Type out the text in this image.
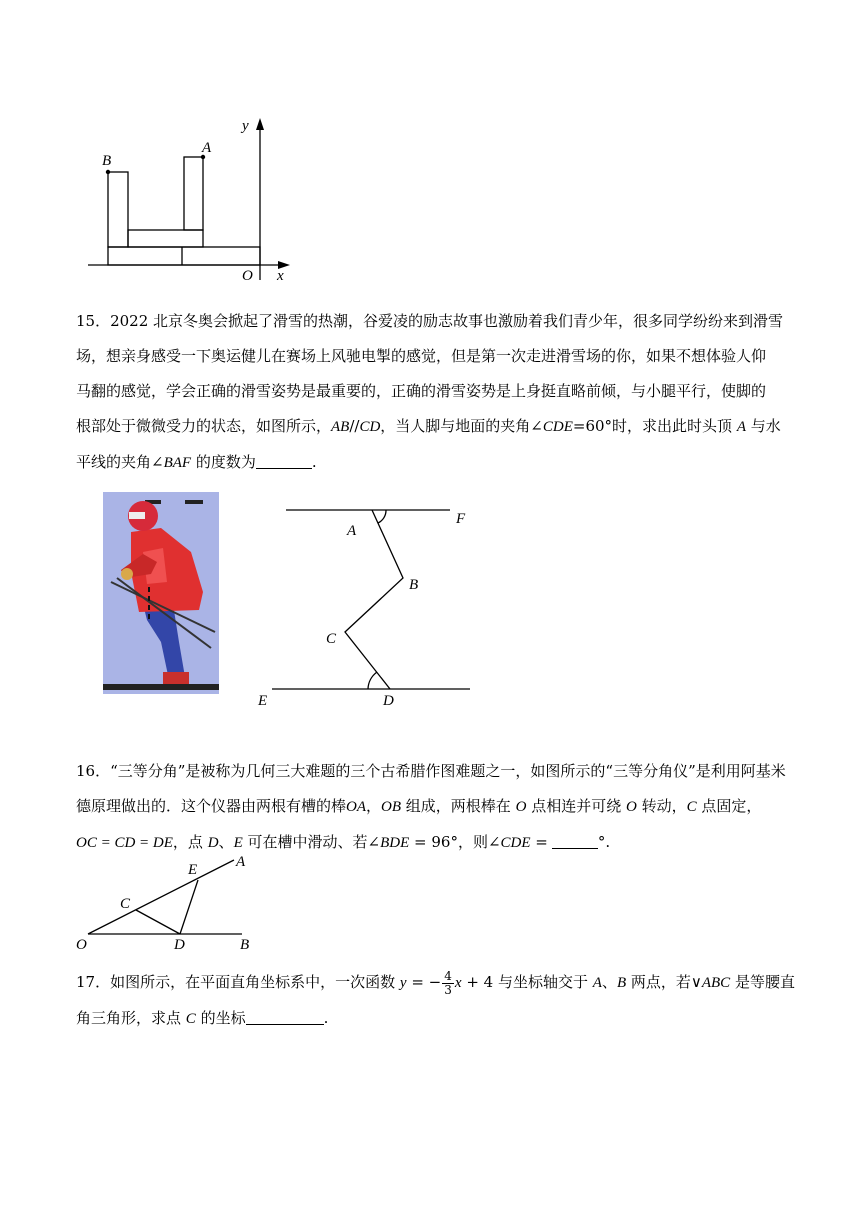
y
B
A
O x

15．2022 北京冬奥会掀起了滑雪的热潮，谷爱凌的励志故事也激励着我们青少年，很多同学纷纷来到滑雪

场，想亲身感受一下奥运健儿在赛场上风驰电掣的感觉，但是第一次走进滑雪场的你，如果不想体验人仰

马翻的感觉，学会正确的滑雪姿势是最重要的，正确的滑雪姿势是上身挺直略前倾，与小腿平行，使脚的

根部处于微微受力的状态，如图所示，AB//CD，当人脚与地面的夹角∠CDE=60°时，求出此时头顶 A 与水

平线的夹角∠BAF 的度数为	.

A
F
B
C
E	D

16．“三等分角”是被称为几何三大难题的三个古希腊作图难题之一，如图所示的“三等分角仪”是利用阿基米

德原理做出的．这个仪器由两根有槽的棒OA，OB 组成，两根棒在 O 点相连并可绕 O 转动，C 点固定，

OC = CD = DE，点 D、E 可在槽中滑动、若∠BDE = 96°，则∠CDE =	°.

O
C
D
E	A
B

17．如图所示，在平面直角坐标系中，一次函数 y = − $\frac{4}{3}$ x + 4 与坐标轴交于 A、B 两点，若∨ABC 是等腰直

角三角形，求点 C 的坐标	.
